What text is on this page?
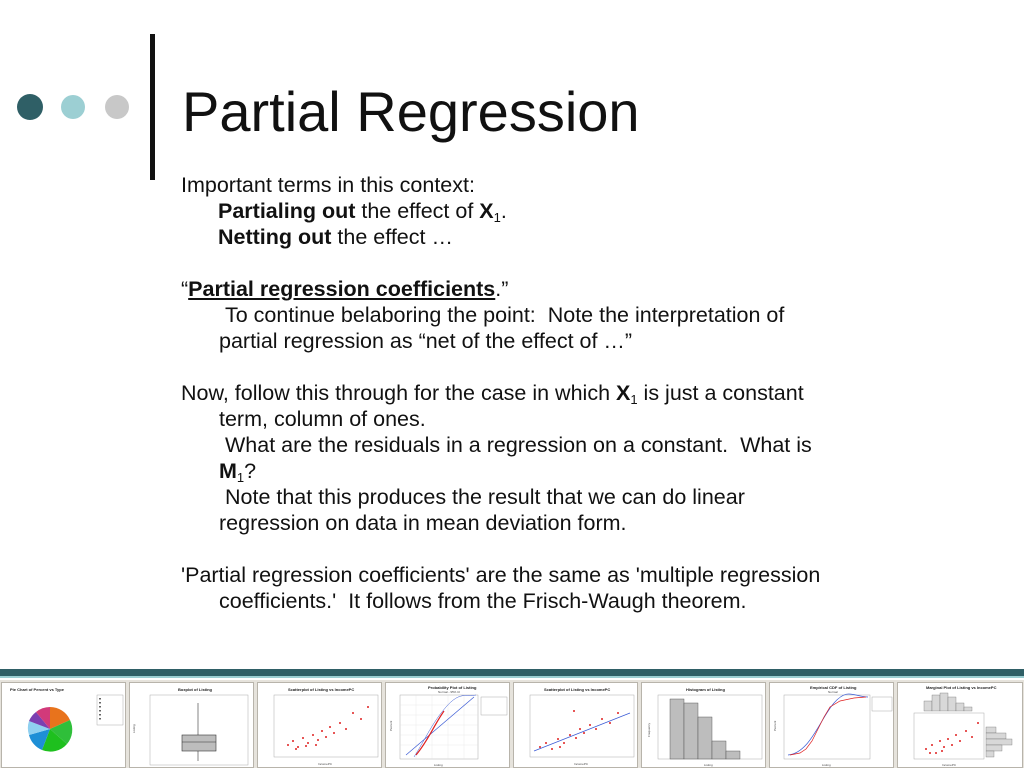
Partial Regression

Important terms in this context:

Partialing out the effect of $X_1$.

Netting out the effect …

“Partial regression coefficients.”

To continue belaboring the point:  Note the interpretation of
partial regression as “net of the effect of …”

Now, follow this through for the case in which $X_1$ is just a constant
term, column of ones.

What are the residuals in a regression on a constant.  What is
$M_1$?

Note that this produces the result that we can do linear
regression on data in mean deviation form.

'Partial regression coefficients' are the same as 'multiple regression
coefficients.'  It follows from the Frisch-Waugh theorem.

Pie Chart of Percent vs Type	Boxplot of Listing
Listing
Scatterplot of Listing vs IncomePC
IncomePC
Probability Plot of Listing
Normal - 95% CI
Listing
Percent
Scatterplot of Listing vs IncomePC
IncomePC
Histogram of Listing
Listing
Frequency
Empirical CDF of Listing
Normal
Listing
Percent
Marginal Plot of Listing vs IncomePC
IncomePC
